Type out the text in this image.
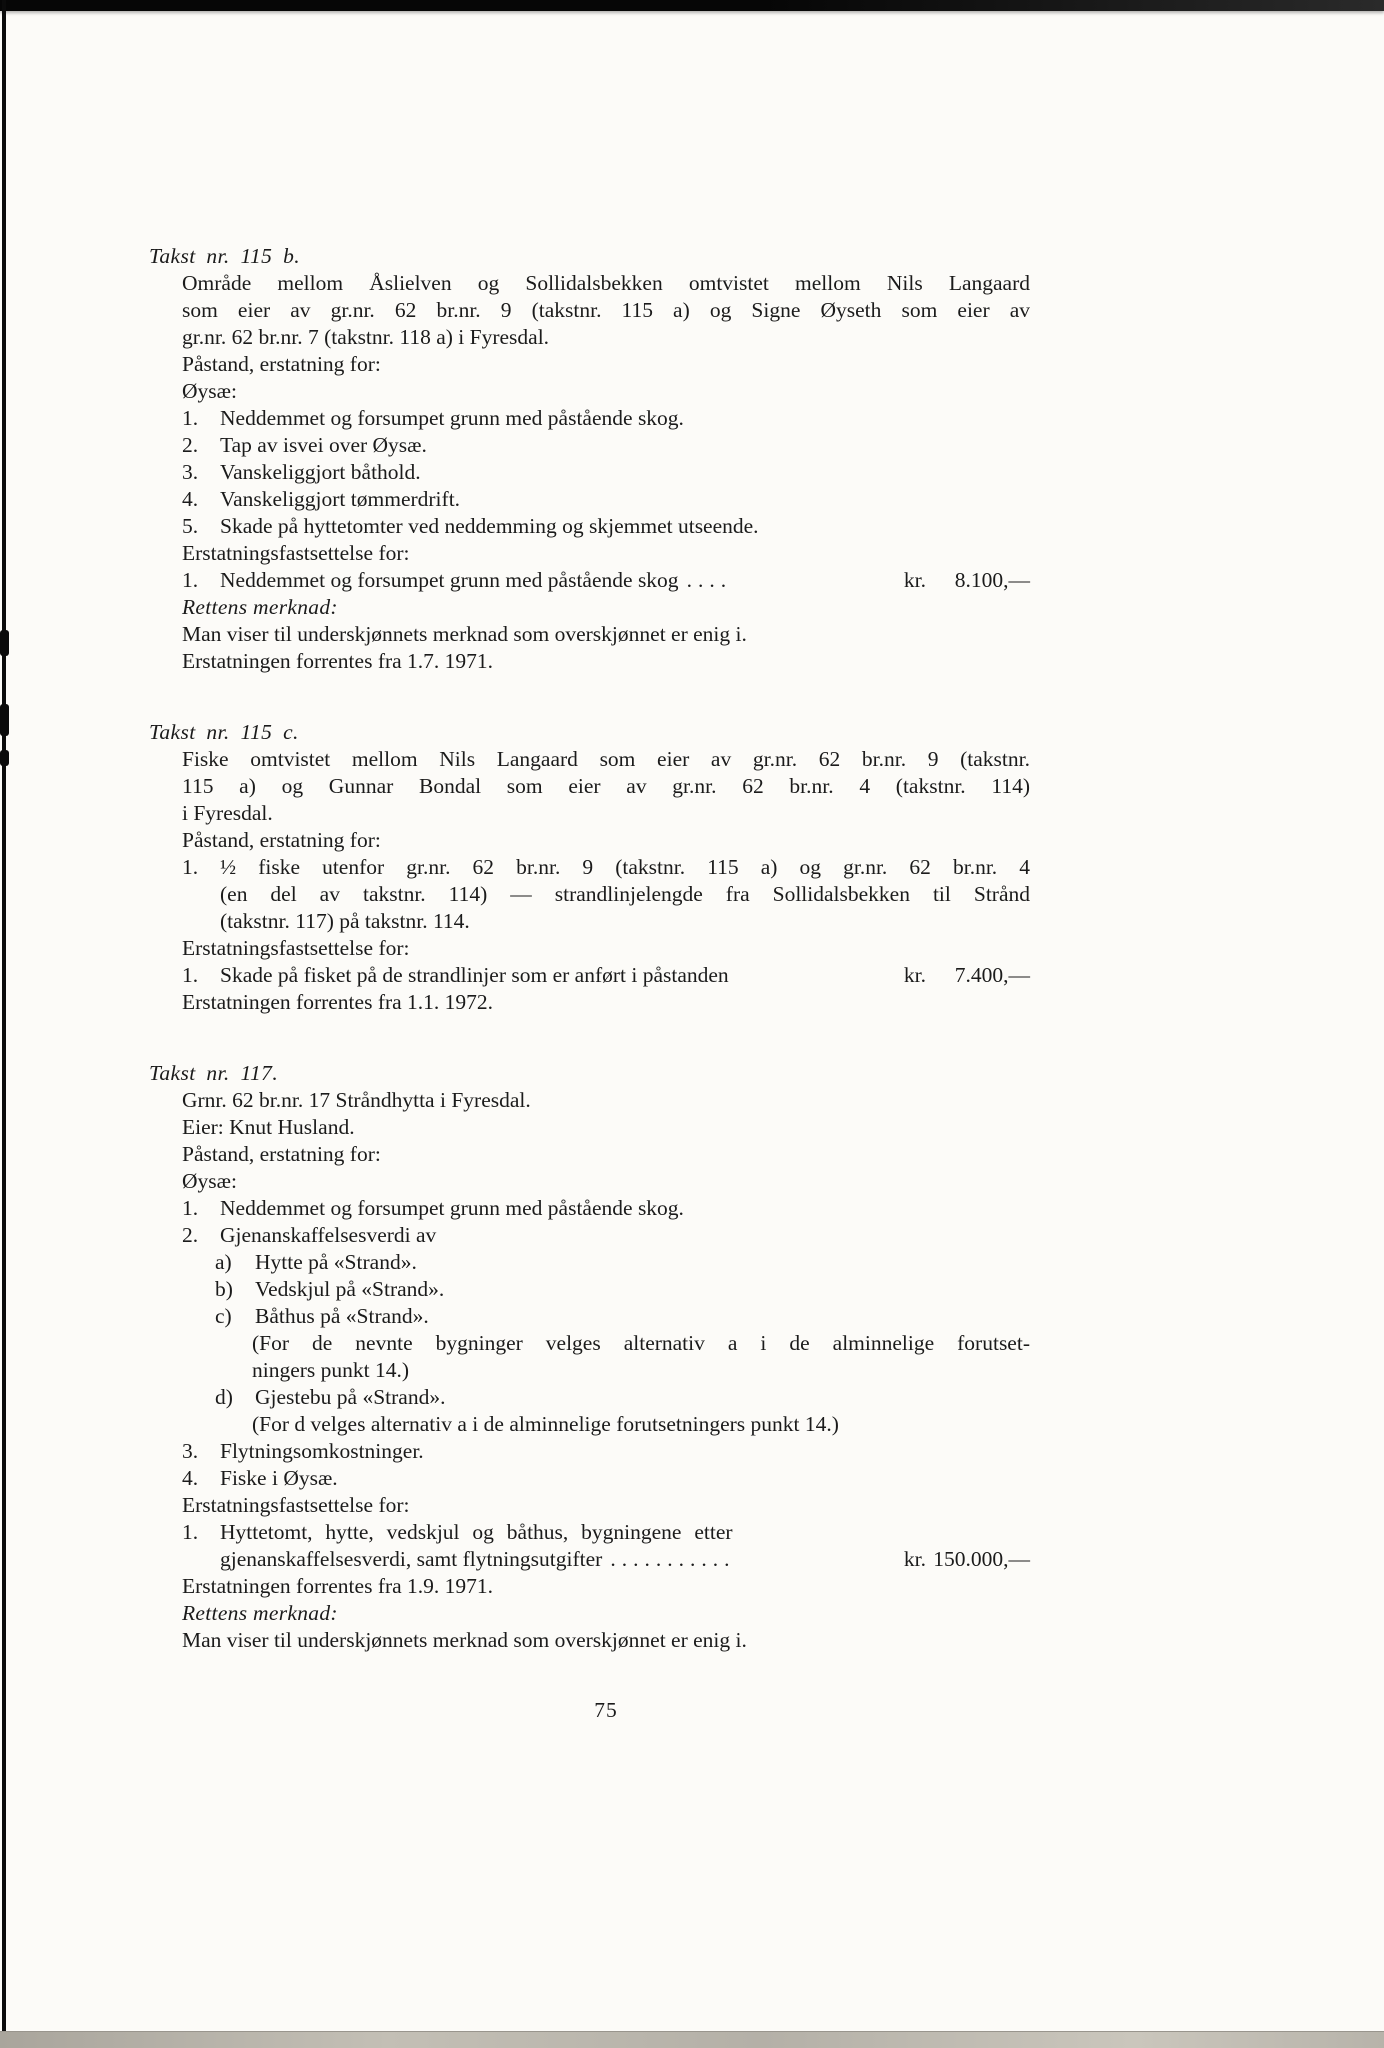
Takst nr. 115 b.
Område mellom Åslielven og Sollidalsbekken omtvistet mellom Nils Langaard
som eier av gr.nr. 62 br.nr. 9 (takstnr. 115 a) og Signe Øyseth som eier av
gr.nr. 62 br.nr. 7 (takstnr. 118 a) i Fyresdal.
Påstand, erstatning for:
Øysæ:
1.	Neddemmet og forsumpet grunn med påstående skog.
2.	Tap av isvei over Øysæ.
3.	Vanskeliggjort båthold.
4.	Vanskeliggjort tømmerdrift.
5.	Skade på hyttetomter ved neddemming og skjemmet utseende.
Erstatningsfastsettelse for:
1.	Neddemmet og forsumpet grunn med påstående skog ....	kr.	8.100,—
Rettens merknad:
Man viser til underskjønnets merknad som overskjønnet er enig i.
Erstatningen forrentes fra 1.7. 1971.
Takst nr. 115 c.
Fiske omtvistet mellom Nils Langaard som eier av gr.nr. 62 br.nr. 9 (takstnr.
115 a) og Gunnar Bondal som eier av gr.nr. 62 br.nr. 4 (takstnr. 114)
i Fyresdal.
Påstand, erstatning for:
1.	½ fiske utenfor gr.nr. 62 br.nr. 9 (takstnr. 115 a) og gr.nr. 62 br.nr. 4
(en del av takstnr. 114) — strandlinjelengde fra Sollidalsbekken til Strånd
(takstnr. 117) på takstnr. 114.
Erstatningsfastsettelse for:
1.	Skade på fisket på de strandlinjer som er anført i påstanden	kr.	7.400,—
Erstatningen forrentes fra 1.1. 1972.
Takst nr. 117.
Grnr. 62 br.nr. 17 Stråndhytta i Fyresdal.
Eier: Knut Husland.
Påstand, erstatning for:
Øysæ:
1.	Neddemmet og forsumpet grunn med påstående skog.
2.	Gjenanskaffelsesverdi av
a)	Hytte på «Strand».
b)	Vedskjul på «Strand».
c)	Båthus på «Strand».
(For de nevnte bygninger velges alternativ a i de alminnelige forutset-
ningers punkt 14.)
d)	Gjestebu på «Strand».
(For d velges alternativ a i de alminnelige forutsetningers punkt 14.)
3.	Flytningsomkostninger.
4.	Fiske i Øysæ.
Erstatningsfastsettelse for:
1.	Hyttetomt, hytte, vedskjul og båthus, bygningene etter
gjenanskaffelsesverdi, samt flytningsutgifter ...........	kr. 150.000,—
Erstatningen forrentes fra 1.9. 1971.
Rettens merknad:
Man viser til underskjønnets merknad som overskjønnet er enig i.
75
